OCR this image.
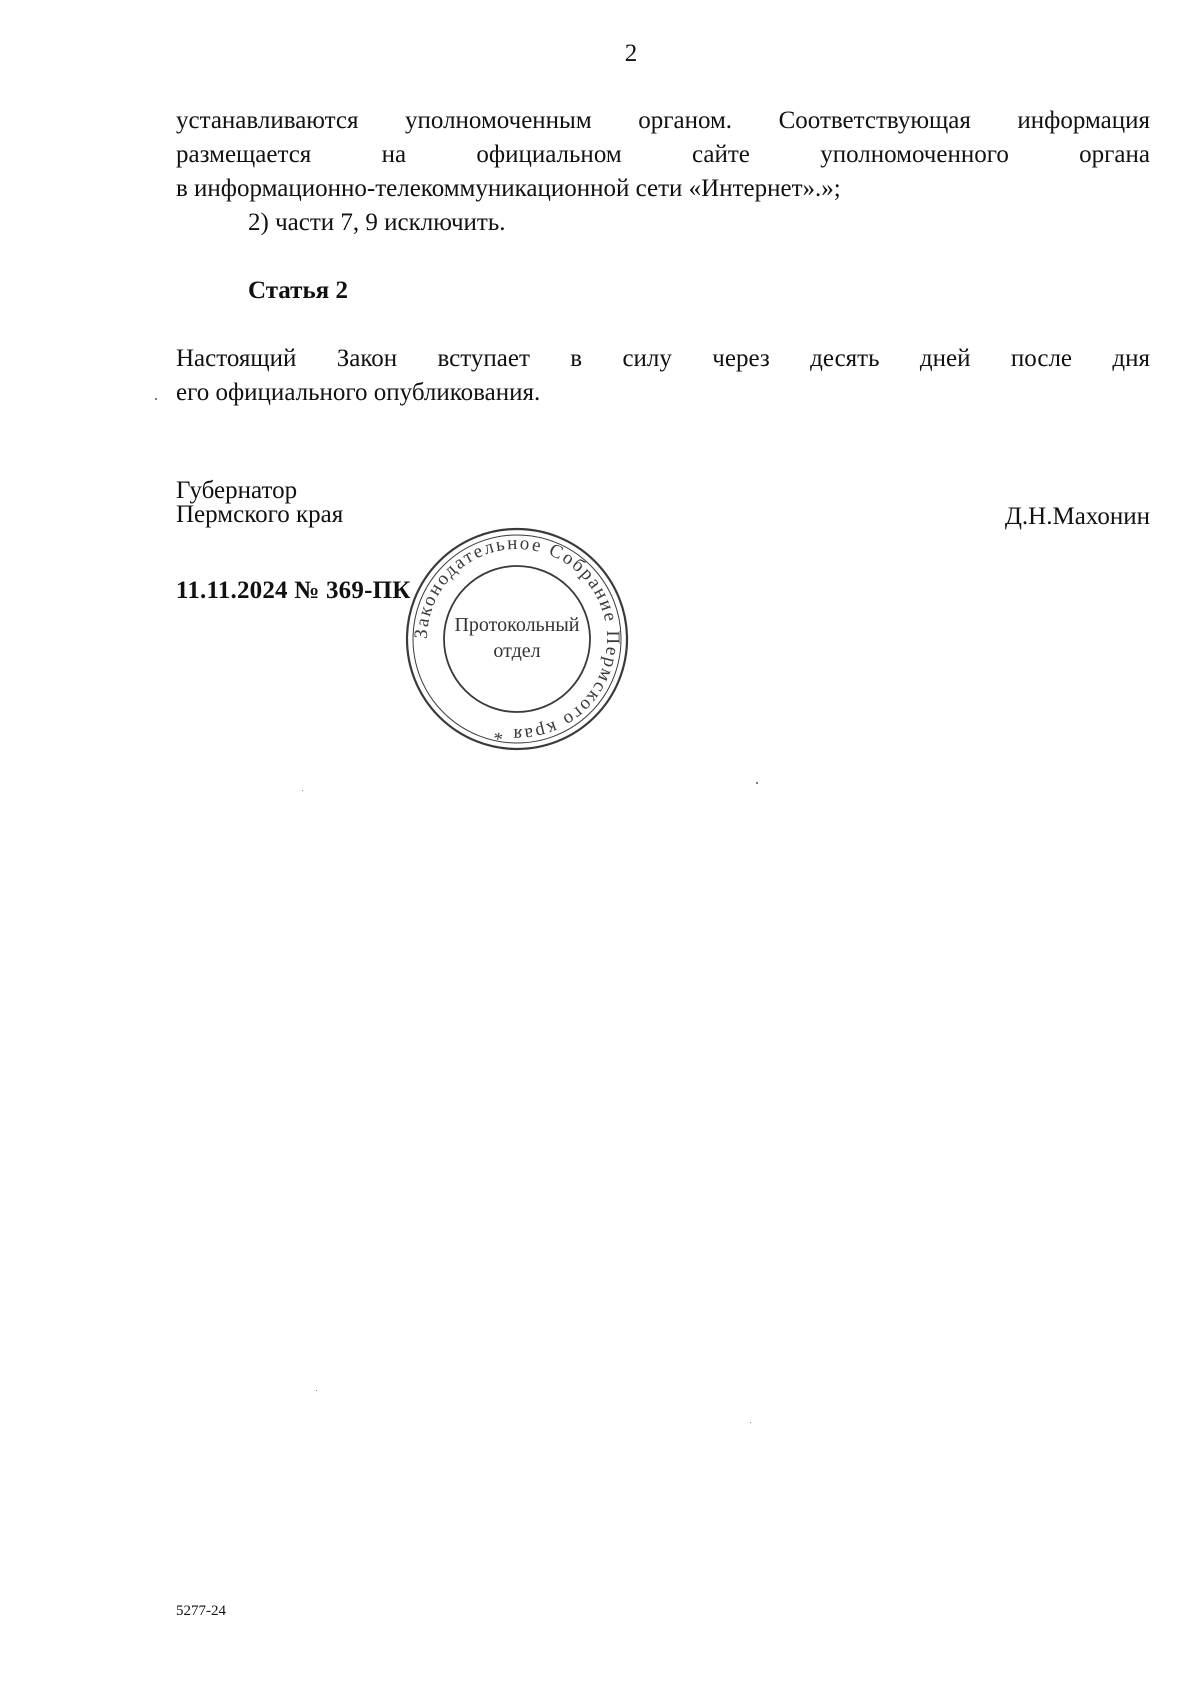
2

устанавливаются уполномоченным органом. Соответствующая информация
размещается на официальном сайте уполномоченного органа
в информационно-телекоммуникационной сети «Интернет».»;

2) части 7, 9 исключить.

Статья 2

Настоящий Закон вступает в силу через десять дней после дня
его официального опубликования.

Губернатор
Пермского края	Д.Н.Махонин
11.11.2024 № 369-ПК
Законодательное Собрание Пермского края *
Протокольный
отдел
5277-24
